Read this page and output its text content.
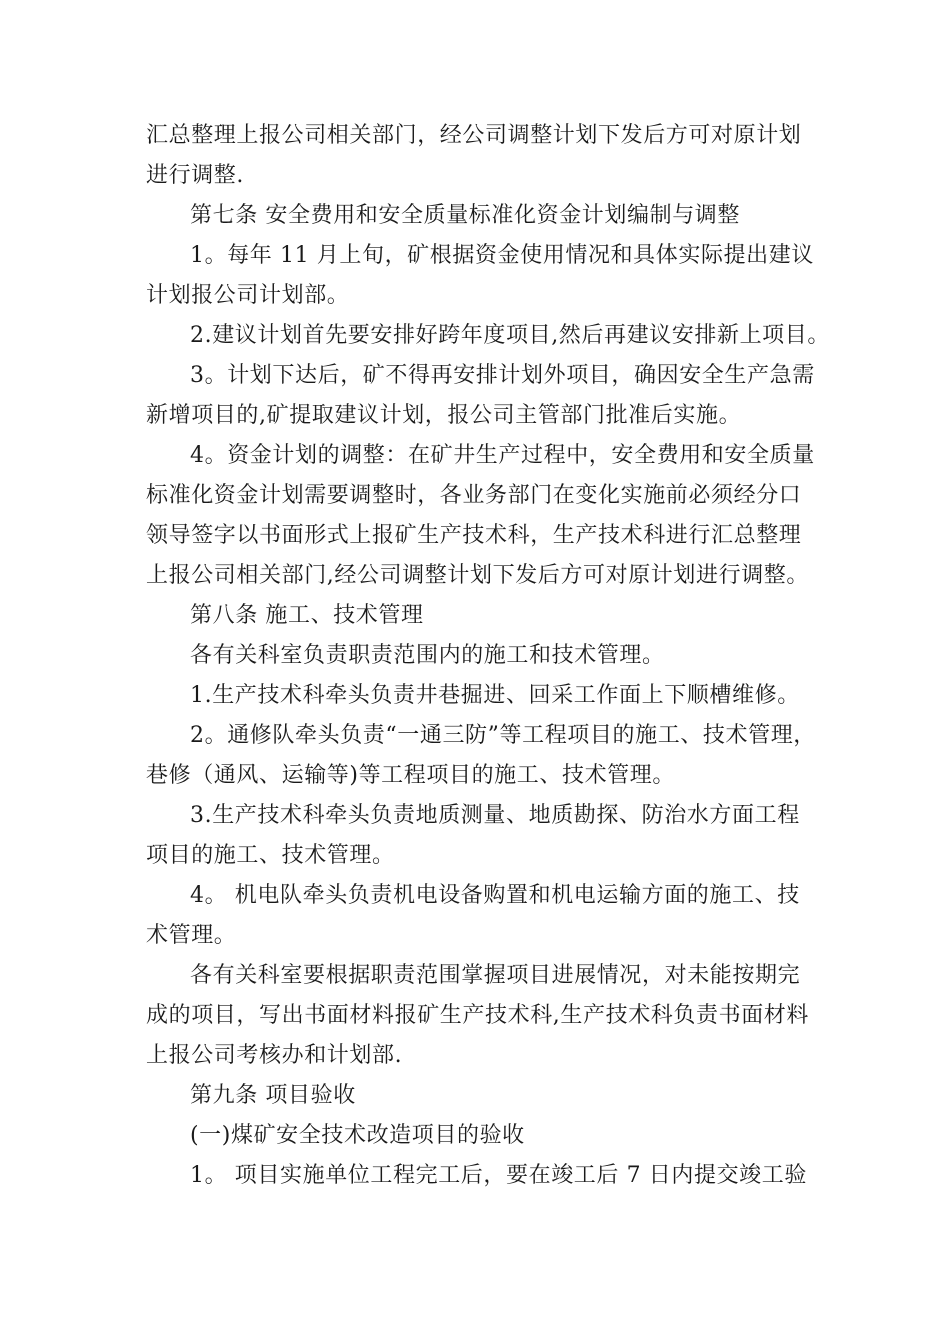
汇总整理上报公司相关部门，经公司调整计划下发后方可对原计划
进行调整.
第七条 安全费用和安全质量标准化资金计划编制与调整
1。每年 11 月上旬，矿根据资金使用情况和具体实际提出建议
计划报公司计划部。
2.建议计划首先要安排好跨年度项目,然后再建议安排新上项目。
3。计划下达后，矿不得再安排计划外项目，确因安全生产急需
新增项目的,矿提取建议计划，报公司主管部门批准后实施。
4。资金计划的调整：在矿井生产过程中，安全费用和安全质量
标准化资金计划需要调整时，各业务部门在变化实施前必须经分口
领导签字以书面形式上报矿生产技术科，生产技术科进行汇总整理
上报公司相关部门,经公司调整计划下发后方可对原计划进行调整。
第八条 施工、技术管理
各有关科室负责职责范围内的施工和技术管理。
1.生产技术科牵头负责井巷掘进、回采工作面上下顺槽维修。
2。通修队牵头负责“一通三防”等工程项目的施工、技术管理，
巷修（通风、运输等)等工程项目的施工、技术管理。
3.生产技术科牵头负责地质测量、地质勘探、防治水方面工程
项目的施工、技术管理。
4。 机电队牵头负责机电设备购置和机电运输方面的施工、技
术管理。
各有关科室要根据职责范围掌握项目进展情况，对未能按期完
成的项目，写出书面材料报矿生产技术科,生产技术科负责书面材料
上报公司考核办和计划部.
第九条 项目验收
(一)煤矿安全技术改造项目的验收
1。 项目实施单位工程完工后，要在竣工后 7 日内提交竣工验
